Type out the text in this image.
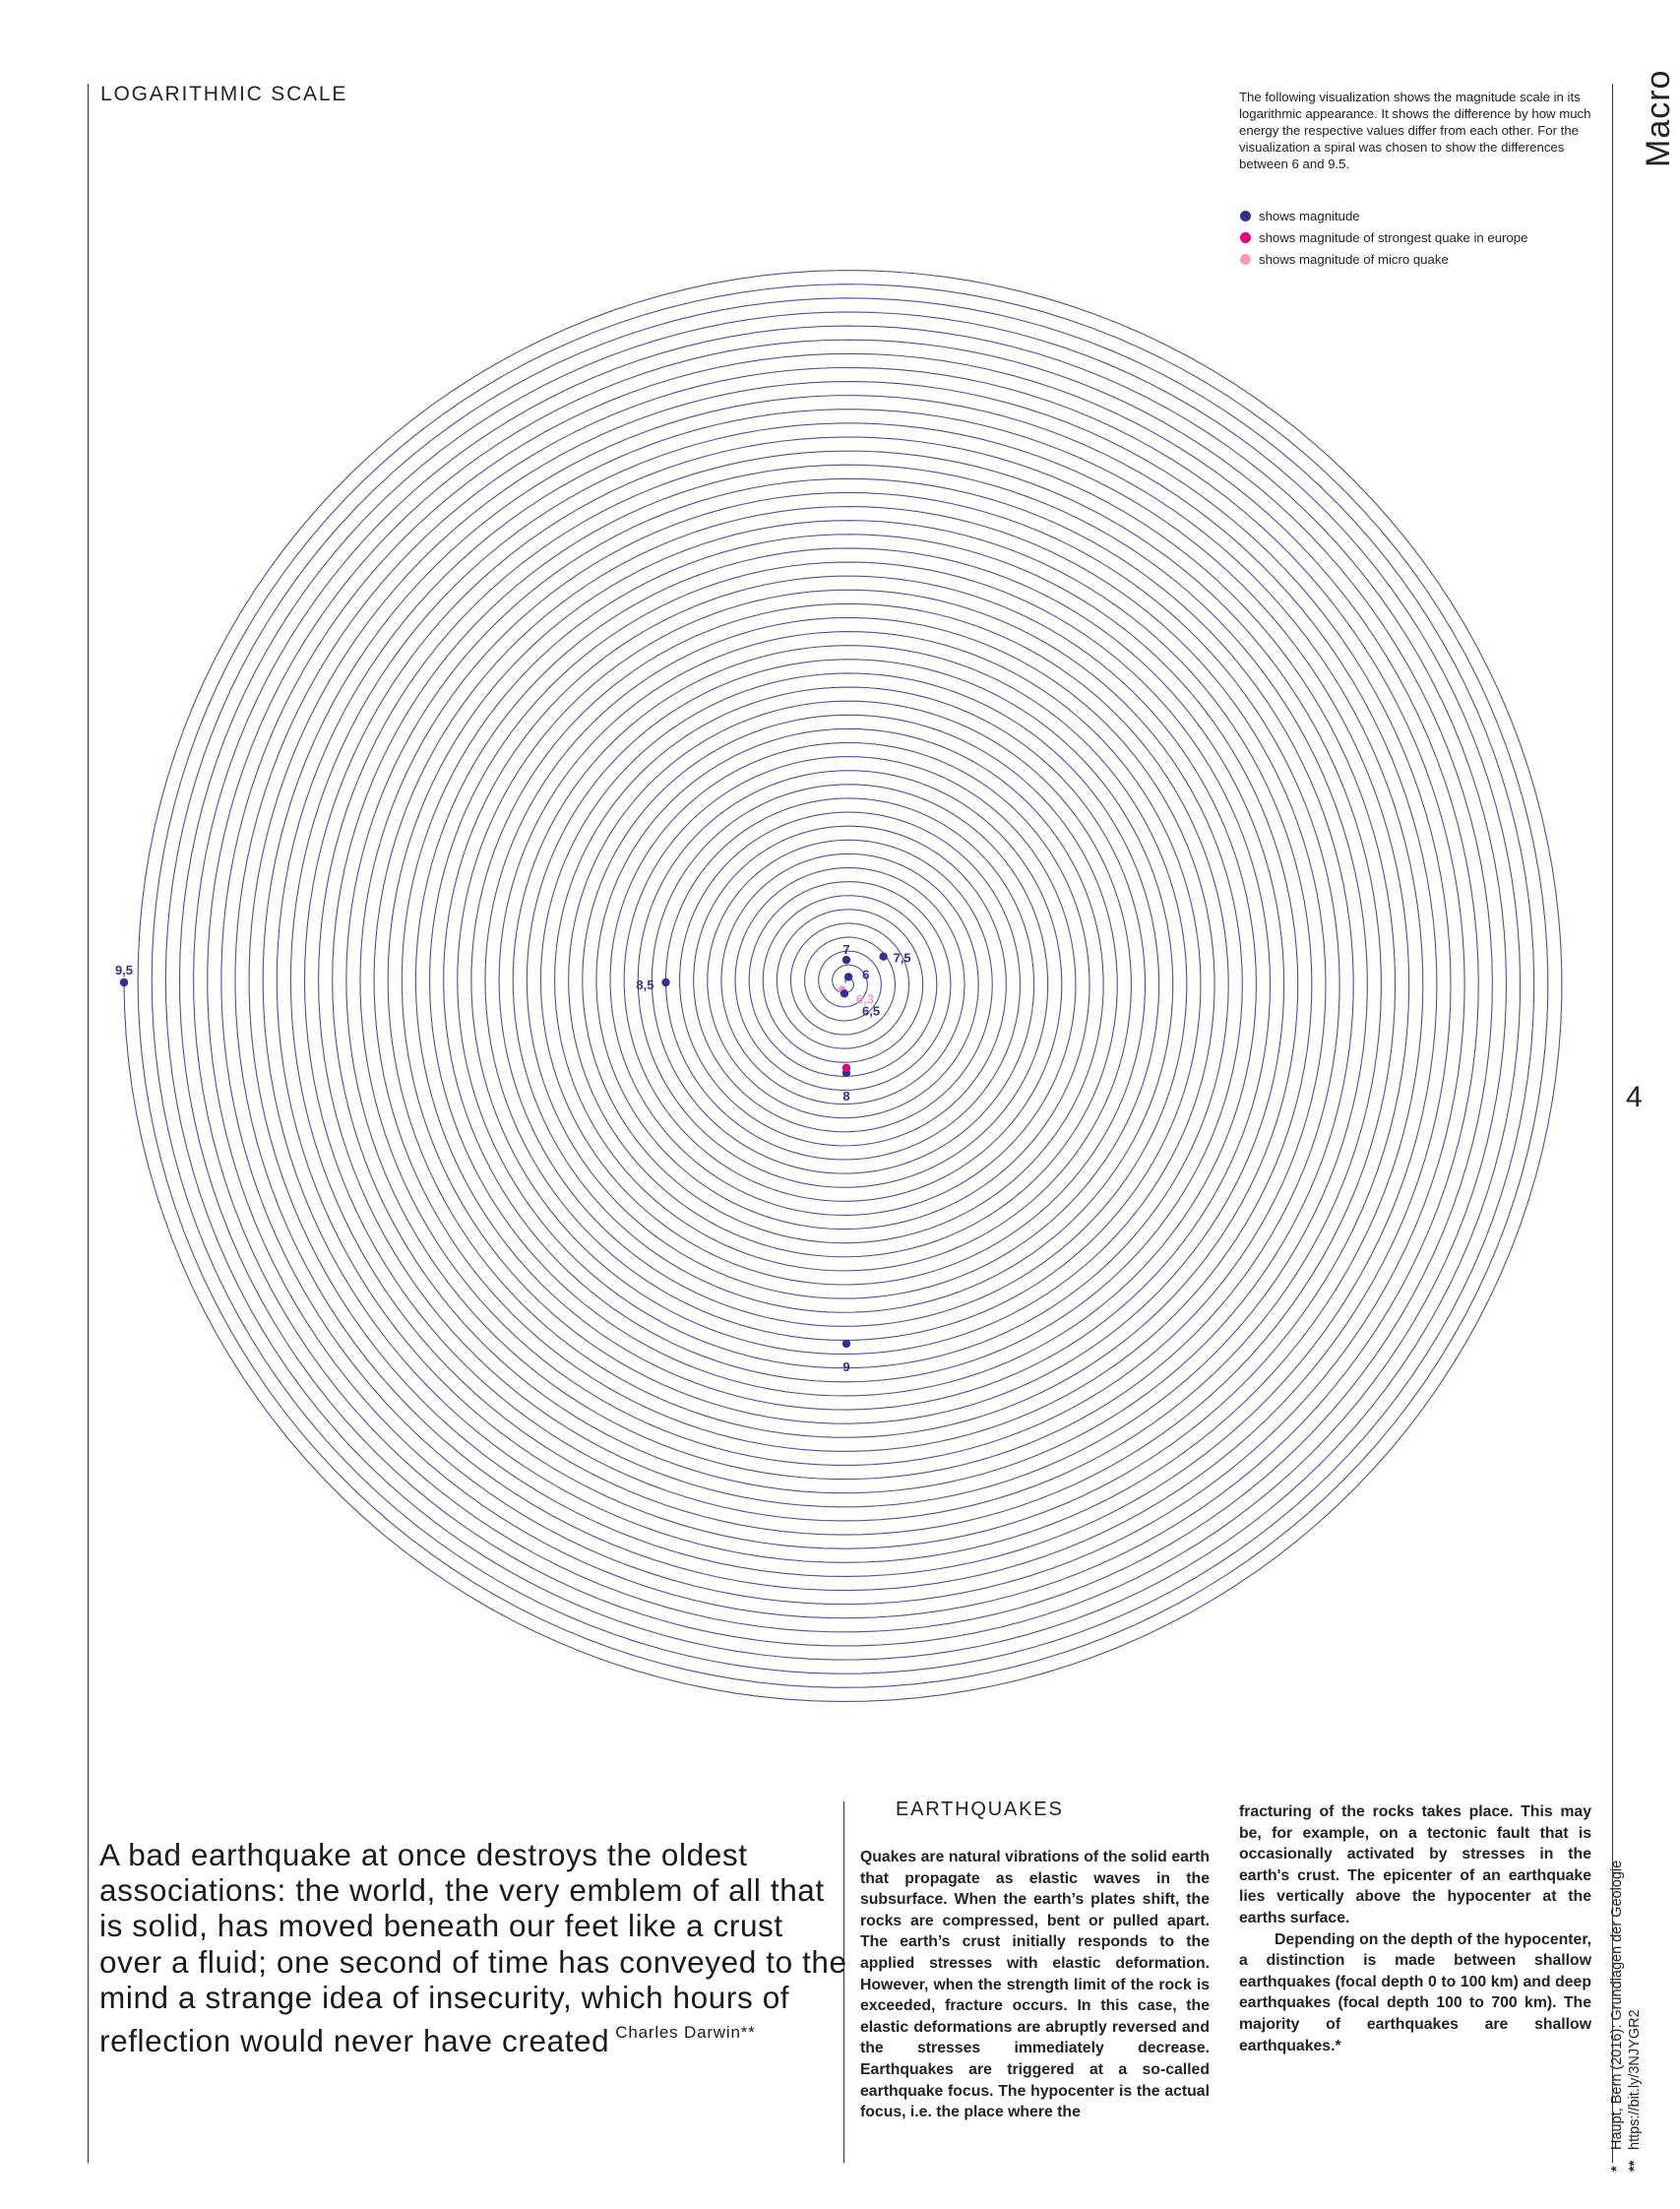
LOGARITHMIC SCALE	The following visualization shows the magnitude scale in its logarithmic appearance. It shows the difference by how much energy the respective values differ from each other. For the visualization a spiral was chosen to show the differences between 6 and 9.5.
shows magnitude
shows magnitude of strongest quake in europe
shows magnitude of micro quake
Macro
4
6
6,3
6,5
7
7,5
8
8,5
9
9,5
A bad earthquake at once destroys the oldest associations: the world, the very emblem of all that is solid, has moved beneath our feet like a crust over a fluid; one second of time has conveyed to the mind a strange idea of insecurity, which hours of reflection would never have created $^{Charles Darwin**}$
EARTHQUAKES
Quakes are natural vibrations of the solid earth that propagate as elastic waves in the subsurface. When the earth’s plates shift, the rocks are compressed, bent or pulled apart. The earth’s crust initially responds to the applied stresses with elastic deformation. However, when the strength limit of the rock is exceeded, fracture occurs. In this case, the elastic deformations are abruptly reversed and the stresses immediately decrease. Earthquakes are triggered at a so-called earthquake focus. The hypocenter is the actual focus, i.e. the place where the

fracturing of the rocks takes place. This may be, for example, on a tectonic fault that is occasionally activated by stresses in the earth's crust. The epicenter of an earthquake lies vertically above the hypocenter at the earths surface.

Depending on the depth of the hypocenter, a distinction is made between shallow earthquakes (focal depth 0 to 100 km) and deep earthquakes (focal depth 100 to 700 km). The majority of earthquakes are shallow earthquakes.*

*Haupt, Bern (2016): Grundlagen der Geologie
**https://bit.ly/3NJYGR2
